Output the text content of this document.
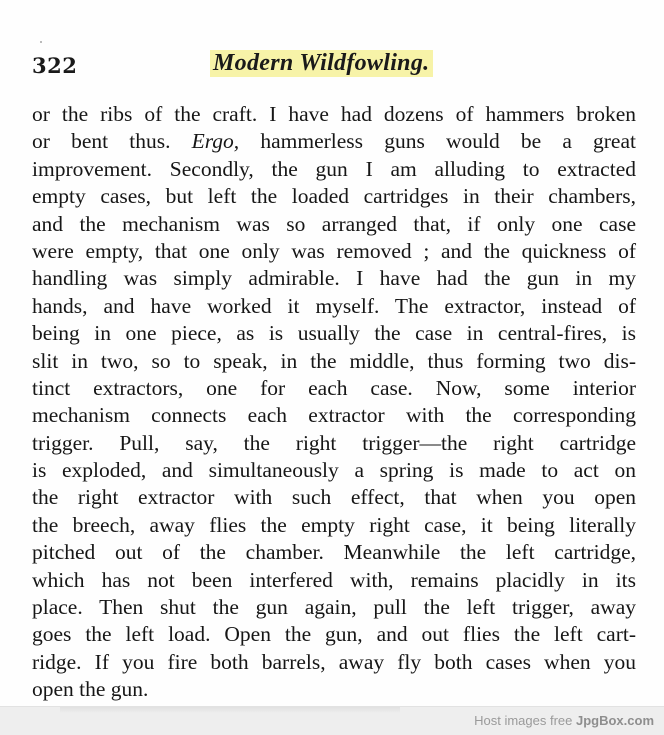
322	Modern Wildfowling.
or the ribs of the craft. I have had dozens of hammers broken
or bent thus. Ergo, hammerless guns would be a great
improvement. Secondly, the gun I am alluding to extracted
empty cases, but left the loaded cartridges in their chambers,
and the mechanism was so arranged that, if only one case
were empty, that one only was removed ; and the quickness of
handling was simply admirable. I have had the gun in my
hands, and have worked it myself. The extractor, instead of
being in one piece, as is usually the case in central-fires, is
slit in two, so to speak, in the middle, thus forming two dis-
tinct extractors, one for each case. Now, some interior
mechanism connects each extractor with the corresponding
trigger. Pull, say, the right trigger—the right cartridge
is exploded, and simultaneously a spring is made to act on
the right extractor with such effect, that when you open
the breech, away flies the empty right case, it being literally
pitched out of the chamber. Meanwhile the left cartridge,
which has not been interfered with, remains placidly in its
place. Then shut the gun again, pull the left trigger, away
goes the left load. Open the gun, and out flies the left cart-
ridge. If you fire both barrels, away fly both cases when you
open the gun.
Host images free JpgBox.com
